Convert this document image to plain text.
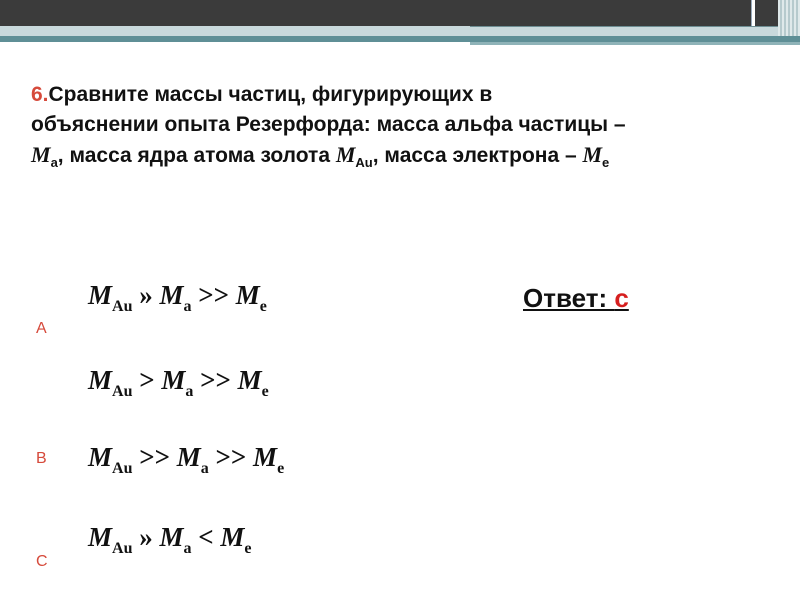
6.Сравните массы частиц, фигурирующих в
объяснении опыта Резерфорда: масса альфа частицы –
$M_a$, масса ядра атома золота $M_{Au}$, масса электрона – $M_e$
$M_{Au}$ » $M_a >> M_e$
A
$M_{Au} > M_a >> M_e$
$M_{Au} >> M_a >> M_e$
B
$M_{Au}$ » $M_a < M_e$
C
Ответ: c
